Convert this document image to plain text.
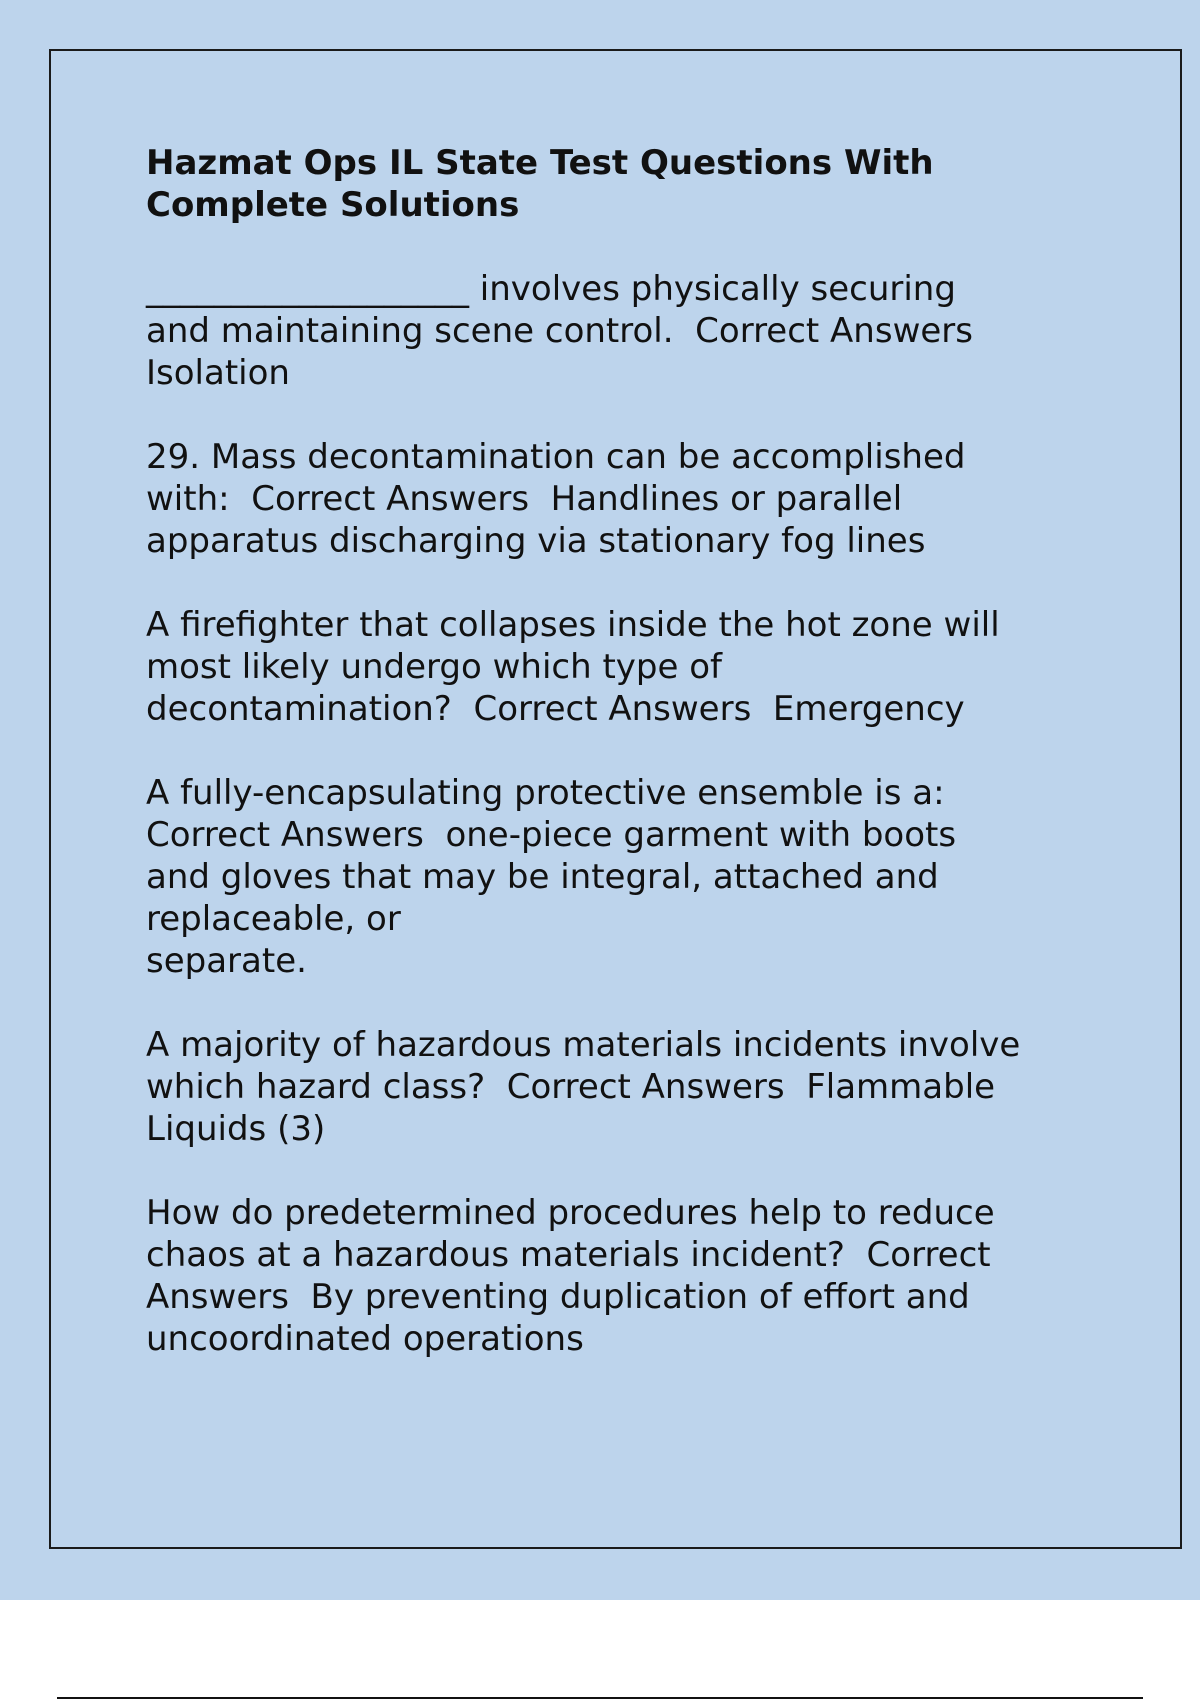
Hazmat Ops IL State Test Questions With Complete Solutions
___________________ involves physically securing
and maintaining scene control.  Correct Answers
Isolation
29. Mass decontamination can be accomplished
with:  Correct Answers  Handlines or parallel
apparatus discharging via stationary fog lines
A firefighter that collapses inside the hot zone will
most likely undergo which type of
decontamination?  Correct Answers  Emergency
A fully-encapsulating protective ensemble is a:
Correct Answers  one-piece garment with boots
and gloves that may be integral, attached and
replaceable, or
separate.
A majority of hazardous materials incidents involve
which hazard class?  Correct Answers  Flammable
Liquids (3)
How do predetermined procedures help to reduce
chaos at a hazardous materials incident?  Correct
Answers  By preventing duplication of effort and
uncoordinated operations
